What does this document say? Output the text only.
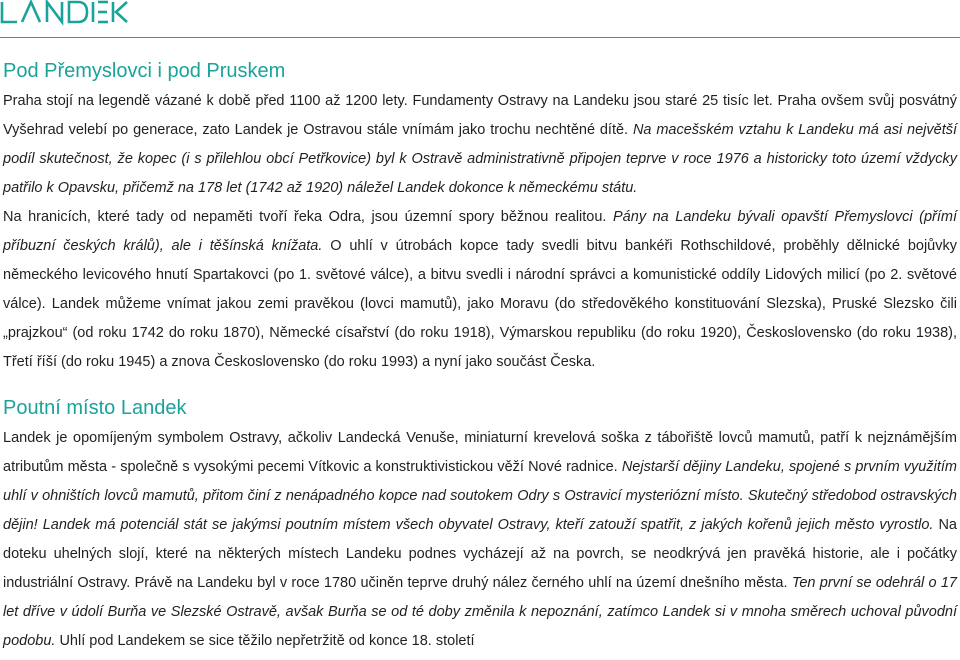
Pod Přemyslovci i pod Pruskem

Praha stojí na legendě vázané k době před 1100 až 1200 lety. Fundamenty Ostravy na Landeku jsou staré 25 tisíc let. Praha ovšem svůj posvátný Vyšehrad velebí po generace, zato Landek je Ostravou stále vnímám jako trochu nechtěné dítě. Na macešském vztahu k Landeku má asi největší podíl skutečnost, že kopec (i s přilehlou obcí Petřkovice) byl k Ostravě administrativně připojen teprve v roce 1976 a historicky toto území vždycky patřilo k Opavsku, přičemž na 178 let (1742 až 1920) náležel Landek dokonce k německému státu.

Na hranicích, které tady od nepaměti tvoří řeka Odra, jsou územní spory běžnou realitou. Pány na Landeku bývali opavští Přemyslovci (přímí příbuzní českých králů), ale i těšínská knížata. O uhlí v útrobách kopce tady svedli bitvu bankéři Rothschildové, proběhly dělnické bojůvky německého levicového hnutí Spartakovci (po 1. světové válce), a bitvu svedli i národní správci a komunistické oddíly Lidových milicí (po 2. světové válce). Landek můžeme vnímat jakou zemi pravěkou (lovci mamutů), jako Moravu (do středověkého konstituování Slezska), Pruské Slezsko čili „prajzkou“ (od roku 1742 do roku 1870), Německé císařství (do roku 1918), Výmarskou republiku (do roku 1920), Československo (do roku 1938), Třetí říší (do roku 1945) a znova Československo (do roku 1993) a nyní jako součást Česka.

Poutní místo Landek

Landek je opomíjeným symbolem Ostravy, ačkoliv Landecká Venuše, miniaturní krevelová soška z tábořiště lovců mamutů, patří k nejznámějším atributům města - společně s vysokými pecemi Vítkovic a konstruktivistickou věží Nové radnice. Nejstarší dějiny Landeku, spojené s prvním využitím uhlí v ohništích lovců mamutů, přitom činí z nenápadného kopce nad soutokem Odry s Ostravicí mysteriózní místo. Skutečný středobod ostravských dějin! Landek má potenciál stát se jakýmsi poutním místem všech obyvatel Ostravy, kteří zatouží spatřit, z jakých kořenů jejich město vyrostlo. Na doteku uhelných slojí, které na některých místech Landeku podnes vycházejí až na povrch, se neodkrývá jen pravěká historie, ale i počátky industriální Ostravy. Právě na Landeku byl v roce 1780 učiněn teprve druhý nález černého uhlí na území dnešního města. Ten první se odehrál o 17 let dříve v údolí Burňa ve Slezské Ostravě, avšak Burňa se od té doby změnila k nepoznání, zatímco Landek si v mnoha směrech uchoval původní podobu. Uhlí pod Landekem se sice těžilo nepřetržitě od konce 18. století
